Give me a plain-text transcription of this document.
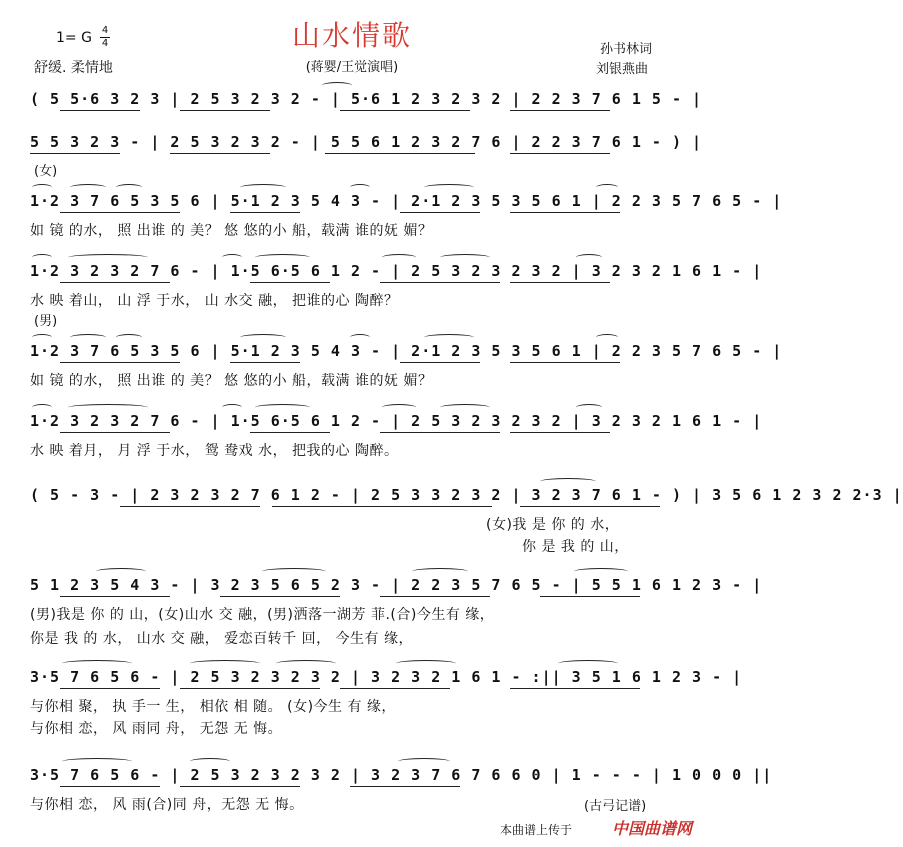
山水情歌
(蒋婴/王觉演唱)
1= G 4
4
舒缓. 柔情地
孙书林词
刘银燕曲
( 5 5·6 3 2 3 | 2 5 3 2 3 2 - | 5·6 1 2 3 2 3 2 | 2 2 3 7 6 1 5 - |
5 5 3 2 3 - | 2 5 3 2 3 2 - | 5 5 6 1 2 3 2 7 6 | 2 2 3 7 6 1 - ) |
(女)
1·2 3 7 6 5 3 5 6 | 5·1 2 3 5 4 3 - | 2·1 2 3 5 3 5 6 1 | 2 2 3 5 7 6 5 - |
如 镜 的水， 照 出谁 的 美？ 悠 悠的小 船，载满 谁的妩 媚？
1·2 3 2 3 2 7 6 - | 1·5 6·5 6 1 2 - | 2 5 3 2 3 2 3 2 | 3 2 3 2 1 6 1 - |
水 映 着山， 山 浮 于水， 山 水交 融， 把谁的心 陶醉？
(男)
1·2 3 7 6 5 3 5 6 | 5·1 2 3 5 4 3 - | 2·1 2 3 5 3 5 6 1 | 2 2 3 5 7 6 5 - |
如 镜 的水， 照 出谁 的 美？ 悠 悠的小 船，载满 谁的妩 媚？
1·2 3 2 3 2 7 6 - | 1·5 6·5 6 1 2 - | 2 5 3 2 3 2 3 2 | 3 2 3 2 1 6 1 - |
水 映 着月， 月 浮 于水， 鸳 鸯戏 水， 把我的心 陶醉。
( 5 - 3 - | 2 3 2 3 2 7 6 1 2 - | 2 5 3 3 2 3 2 | 3 2 3 7 6 1 - ) | 3 5 6 1 2 3 2 2·3 |
(女)我 是 你 的 水，
你 是 我 的 山，
5 1 2 3 5 4 3 - | 3 2 3 5 6 5 2 3 - | 2 2 3 5 7 6 5 - | 5 5 1 6 1 2 3 - |
(男)我是 你 的 山，(女)山水 交 融，(男)洒落一湖芳 菲.(合)今生有 缘，
你是 我 的 水， 山水 交 融， 爱恋百转千 回， 今生有 缘，
3·5 7 6 5 6 - | 2 5 3 2 3 2 3 2 | 3 2 3 2 1 6 1 - :|| 3 5 1 6 1 2 3 - |
与你相 聚， 执 手一 生， 相依 相 随。 (女)今生 有 缘，
与你相 恋， 风 雨同 舟， 无怨 无 悔。
3·5 7 6 5 6 - | 2 5 3 2 3 2 3 2 | 3 2 3 7 6 7 6 6 0 | 1 - - - | 1 0 0 0 ||
与你相 恋， 风 雨(合)同 舟，无怨 无 悔。	(古弓记谱)
本曲谱上传于 中国曲谱网
